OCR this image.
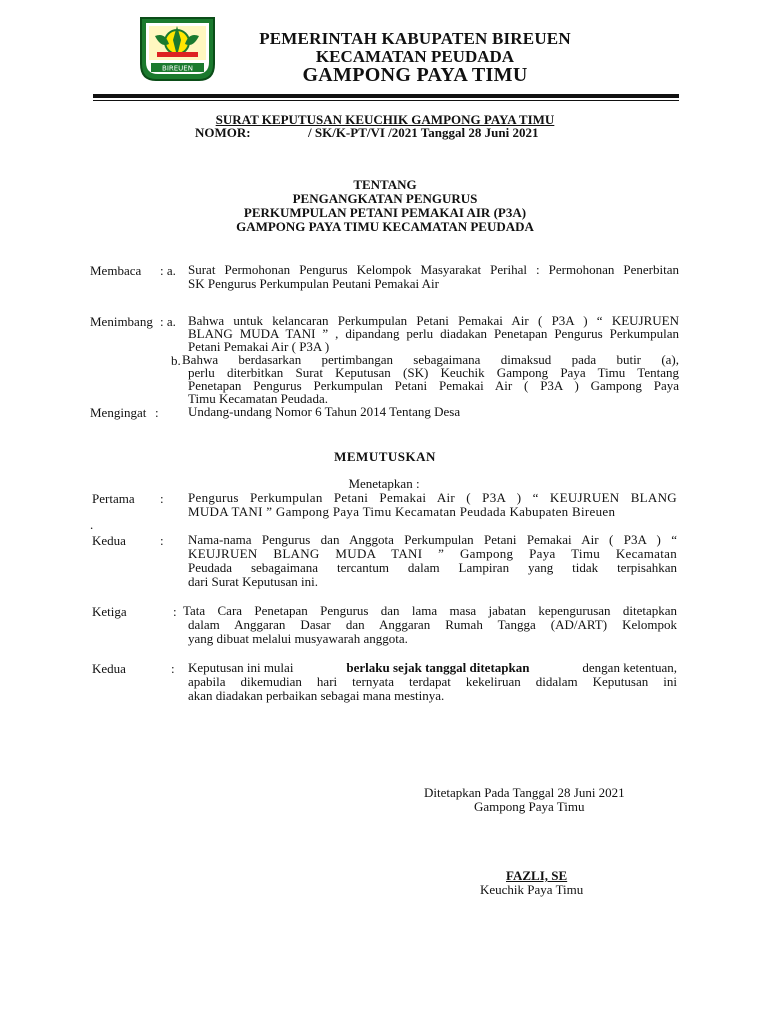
BIREUEN
PEMERINTAH KABUPATEN BIREUEN
KECAMATAN PEUDADA
GAMPONG PAYA TIMU
SURAT KEPUTUSAN KEUCHIK GAMPONG PAYA TIMU
NOMOR:	/ SK/K-PT/VI /2021 Tanggal 28 Juni 2021
TENTANG
PENGANGKATAN PENGURUS
PERKUMPULAN PETANI PEMAKAI AIR (P3A)
GAMPONG PAYA TIMU KECAMATAN PEUDADA
Membaca : a. Surat Permohonan Pengurus Kelompok Masyarakat Perihal : Permohonan Penerbitan
SK Pengurus Perkumpulan Peutani Pemakai Air
Menimbang : a. Bahwa untuk kelancaran Perkumpulan Petani Pemakai Air ( P3A ) “ KEUJRUEN
BLANG MUDA TANI ” , dipandang perlu diadakan Penetapan Pengurus Perkumpulan
Petani Pemakai Air ( P3A )
b. Bahwa berdasarkan pertimbangan sebagaimana dimaksud pada butir (a),
perlu diterbitkan Surat Keputusan (SK) Keuchik Gampong Paya Timu Tentang
Penetapan Pengurus Perkumpulan Petani Pemakai Air ( P3A ) Gampong Paya
Timu Kecamatan Peudada.
Mengingat : Undang-undang Nomor 6 Tahun 2014 Tentang Desa
MEMUTUSKAN
Menetapkan :
Pertama : Pengurus Perkumpulan Petani Pemakai Air ( P3A ) “ KEUJRUEN BLANG
MUDA TANI ” Gampong Paya Timu Kecamatan Peudada Kabupaten Bireuen
.
Kedua	: Nama-nama Pengurus dan Anggota Perkumpulan Petani Pemakai Air ( P3A ) “
KEUJRUEN BLANG MUDA TANI ” Gampong Paya Timu Kecamatan
Peudada sebagaimana tercantum dalam Lampiran yang tidak terpisahkan
dari Surat Keputusan ini.
Ketiga	: Tata Cara Penetapan Pengurus dan lama masa jabatan kepengurusan ditetapkan
dalam Anggaran Dasar dan Anggaran Rumah Tangga (AD/ART) Kelompok
yang dibuat melalui musyawarah anggota.
Kedua	: Keputusan ini mulai	berlaku sejak tanggal ditetapkan	dengan ketentuan,
apabila dikemudian hari ternyata terdapat kekeliruan didalam Keputusan ini
akan diadakan perbaikan sebagai mana mestinya.
Ditetapkan Pada Tanggal 28 Juni 2021
Gampong Paya Timu
FAZLI, SE
Keuchik Paya Timu
